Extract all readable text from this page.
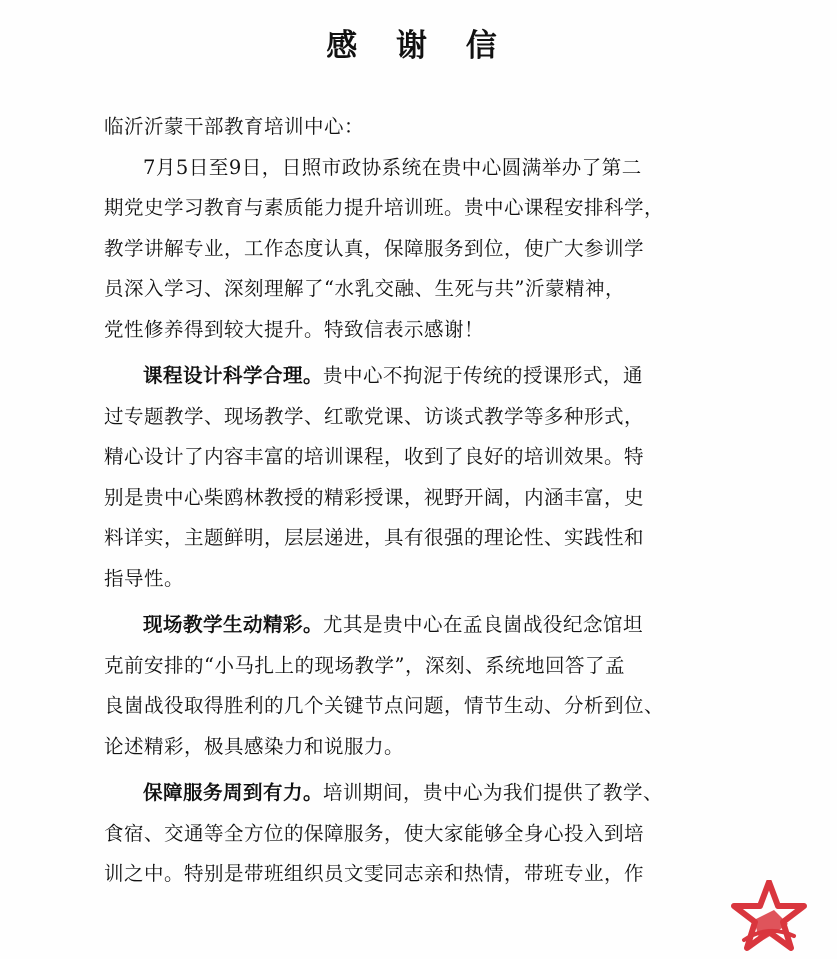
感 谢 信

临沂沂蒙干部教育培训中心：

7月5日至9日，日照市政协系统在贵中心圆满举办了第二
期党史学习教育与素质能力提升培训班。贵中心课程安排科学，
教学讲解专业，工作态度认真，保障服务到位，使广大参训学
员深入学习、深刻理解了“水乳交融、生死与共”沂蒙精神，
党性修养得到较大提升。特致信表示感谢！

课程设计科学合理。贵中心不拘泥于传统的授课形式，通
过专题教学、现场教学、红歌党课、访谈式教学等多种形式，
精心设计了内容丰富的培训课程，收到了良好的培训效果。特
别是贵中心柴鸥林教授的精彩授课，视野开阔，内涵丰富，史
料详实，主题鲜明，层层递进，具有很强的理论性、实践性和
指导性。

现场教学生动精彩。尤其是贵中心在孟良崮战役纪念馆坦
克前安排的“小马扎上的现场教学”，深刻、系统地回答了孟
良崮战役取得胜利的几个关键节点问题，情节生动、分析到位、
论述精彩，极具感染力和说服力。

保障服务周到有力。培训期间，贵中心为我们提供了教学、
食宿、交通等全方位的保障服务，使大家能够全身心投入到培
训之中。特别是带班组织员文雯同志亲和热情，带班专业，作
